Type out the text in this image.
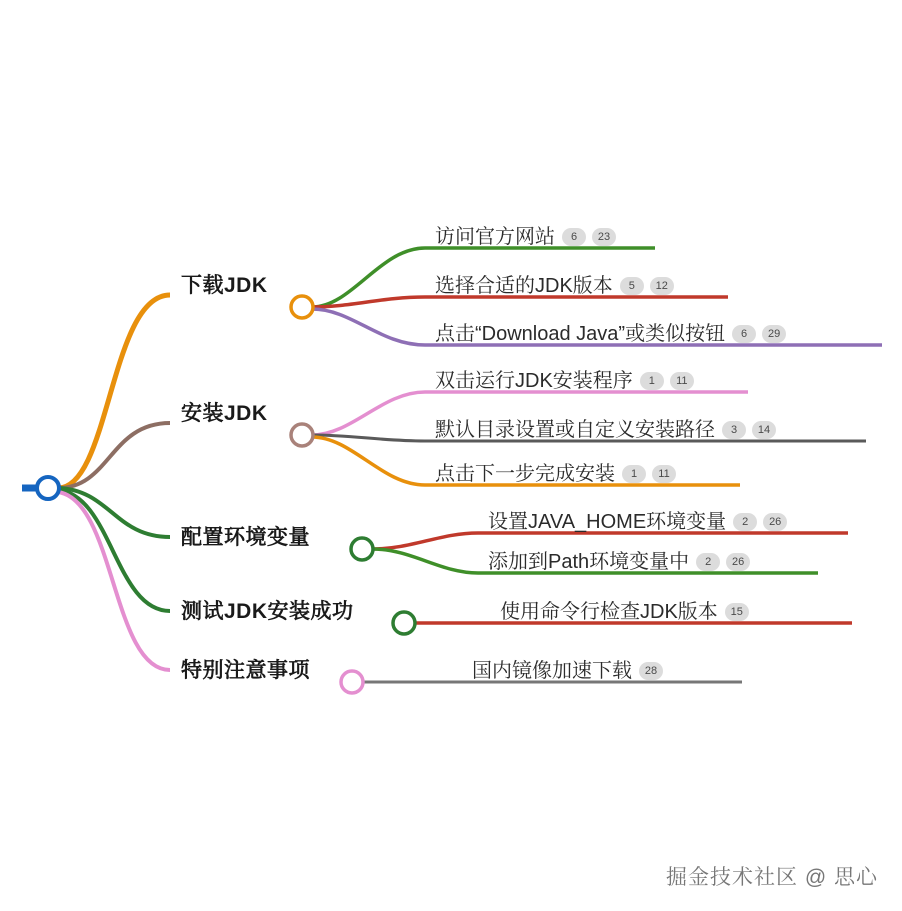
下载JDK
安装JDK
配置环境变量
测试JDK安装成功
特别注意事项
访问官方网站	6	23
选择合适的JDK版本	5	12
点击“Download Java”或类似按钮	6	29
双击运行JDK安装程序	1	11
默认目录设置或自定义安装路径	3	14
点击下一步完成安装	1	11
设置JAVA_HOME环境变量	2	26
添加到Path环境变量中	2	26
使用命令行检查JDK版本	15
国内镜像加速下载	28
掘金技术社区 @ 思心
